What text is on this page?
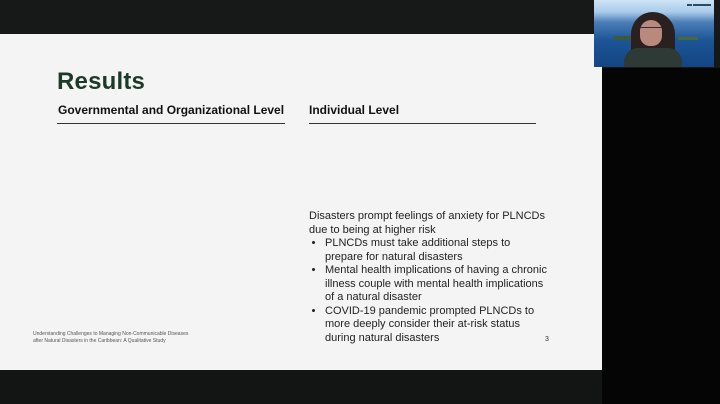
Results
Governmental and Organizational Level Individual Level

Disasters prompt feelings of anxiety for PLNCDs due to being at higher risk

• PLNCDs must take additional steps to prepare for natural disasters
• Mental health implications of having a chronic illness couple with mental health implications of a natural disaster
• COVID-19 pandemic prompted PLNCDs to more deeply consider their at-risk status during natural disasters
Understanding Challenges to Managing Non-Communicable Diseases
after Natural Disasters in the Caribbean: A Qualitative Study	3
